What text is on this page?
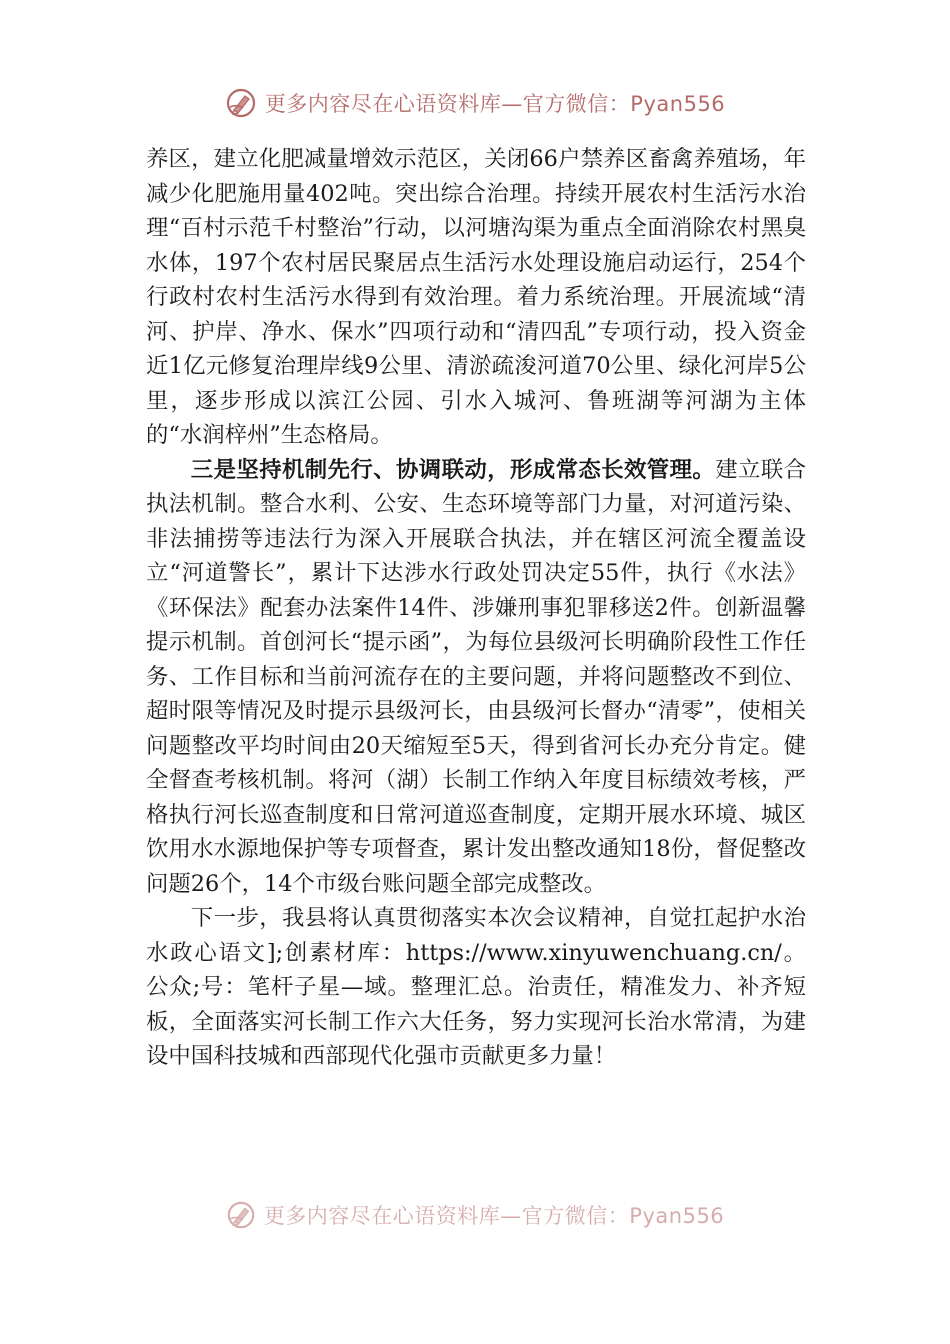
更多内容尽在心语资料库—官方微信：Pyan556

养区，建立化肥减量增效示范区，关闭66户禁养区畜禽养殖场，年减少化肥施用量402吨。突出综合治理。持续开展农村生活污水治理“百村示范千村整治”行动，以河塘沟渠为重点全面消除农村黑臭水体，197个农村居民聚居点生活污水处理设施启动运行，254个行政村农村生活污水得到有效治理。着力系统治理。开展流域“清河、护岸、净水、保水”四项行动和“清四乱”专项行动，投入资金近1亿元修复治理岸线9公里、清淤疏浚河道70公里、绿化河岸5公里，逐步形成以滨江公园、引水入城河、鲁班湖等河湖为主体的“水润梓州”生态格局。

三是坚持机制先行、协调联动，形成常态长效管理。建立联合执法机制。整合水利、公安、生态环境等部门力量，对河道污染、非法捕捞等违法行为深入开展联合执法，并在辖区河流全覆盖设立“河道警长”，累计下达涉水行政处罚决定55件，执行《水法》《环保法》配套办法案件14件、涉嫌刑事犯罪移送2件。创新温馨提示机制。首创河长“提示函”，为每位县级河长明确阶段性工作任务、工作目标和当前河流存在的主要问题，并将问题整改不到位、超时限等情况及时提示县级河长，由县级河长督办“清零”，使相关问题整改平均时间由20天缩短至5天，得到省河长办充分肯定。健全督查考核机制。将河（湖）长制工作纳入年度目标绩效考核，严格执行河长巡查制度和日常河道巡查制度，定期开展水环境、城区饮用水水源地保护等专项督查，累计发出整改通知18份，督促整改问题26个，14个市级台账问题全部完成整改。

下一步，我县将认真贯彻落实本次会议精神，自觉扛起护水治水政心语文];创素材库：https://www.xinyuwenchuang.cn/。公众;号：笔杆子星—域。整理汇总。治责任，精准发力、补齐短板，全面落实河长制工作六大任务，努力实现河长治水常清，为建设中国科技城和西部现代化强市贡献更多力量！

更多内容尽在心语资料库—官方微信：Pyan556
